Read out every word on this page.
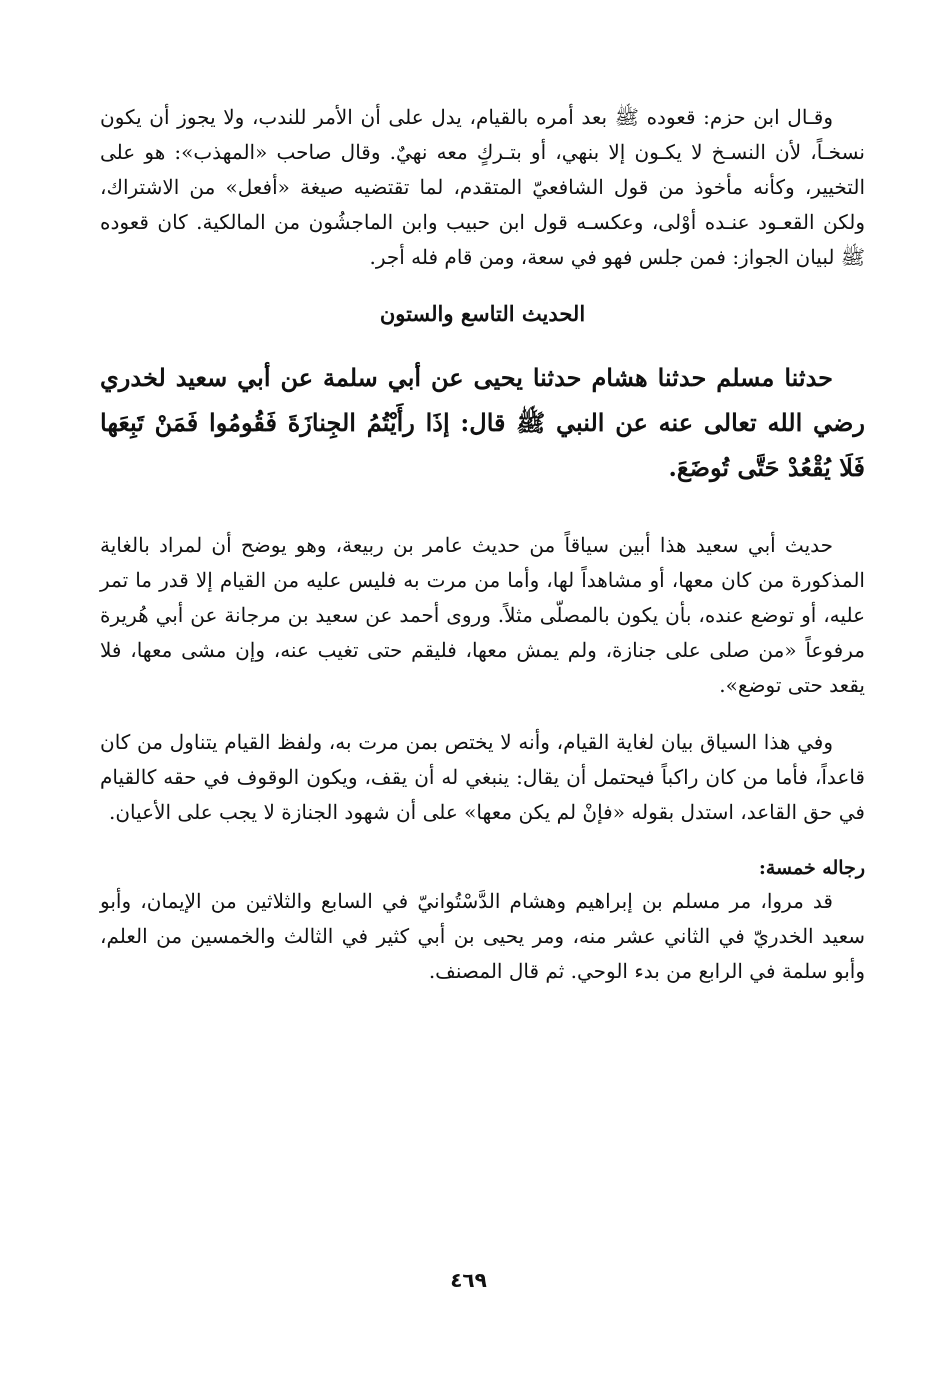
وقـال ابن حزم: قعوده ﷺ بعد أمره بالقيام، يدل على أن الأمر للندب، ولا يجوز أن يكون نسخـاً، لأن النسـخ لا يكـون إلا بنهي، أو بتـركٍ معه نهيٌ. وقال صاحب «المهذب»: هو على التخيير، وكأنه مأخوذ من قول الشافعيّ المتقدم، لما تقتضيه صيغة «أفعل» من الاشتراك، ولكن القعـود عنـده أوْلى، وعكسـه قول ابن حبيب وابن الماجشُون من المالكية. كان قعوده ﷺ لبيان الجواز: فمن جلس فهو في سعة، ومن قام فله أجر.

الحديث التاسع والستون

حدثنا مسلم حدثنا هشام حدثنا يحيى عن أبي سلمة عن أبي سعيد لخدري رضي الله تعالى عنه عن النبي ﷺ قال: إذَا رأَيْتُمُ الجِنازَةَ فَقُومُوا فَمَنْ تَبِعَها فَلَا يُقْعُدْ حَتَّى تُوضَعَ.

حديث أبي سعيد هذا أبين سياقاً من حديث عامر بن ربيعة، وهو يوضح أن لمراد بالغاية المذكورة من كان معها، أو مشاهداً لها، وأما من مرت به فليس عليه من القيام إلا قدر ما تمر عليه، أو توضع عنده، بأن يكون بالمصلّى مثلاً. وروى أحمد عن سعيد بن مرجانة عن أبي هُريرة مرفوعاً «من صلى على جنازة، ولم يمش معها، فليقم حتى تغيب عنه، وإن مشى معها، فلا يقعد حتى توضع».

وفي هذا السياق بيان لغاية القيام، وأنه لا يختص بمن مرت به، ولفظ القيام يتناول من كان قاعداً، فأما من كان راكباً فيحتمل أن يقال: ينبغي له أن يقف، ويكون الوقوف في حقه كالقيام في حق القاعد، استدل بقوله «فإنْ لم يكن معها» على أن شهود الجنازة لا يجب على الأعيان.

رجاله خمسة:

قد مروا، مر مسلم بن إبراهيم وهشام الدَّسْتُوانيّ في السابع والثلاثين من الإيمان، وأبو سعيد الخدريّ في الثاني عشر منه، ومر يحيى بن أبي كثير في الثالث والخمسين من العلم، وأبو سلمة في الرابع من بدء الوحي. ثم قال المصنف.

٤٦٩
